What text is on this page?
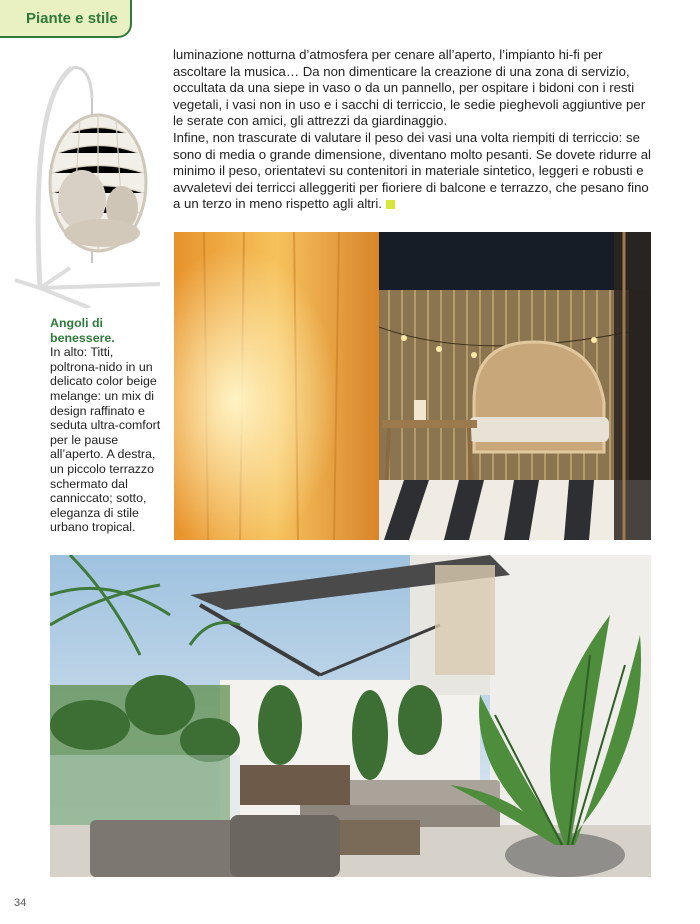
Piante e stile

luminazione notturna d’atmosfera per cenare all’aperto, l’impianto hi-fi per ascoltare la musica… Da non dimenticare la creazione di una zona di servizio, occultata da una siepe in vaso o da un pannello, per ospitare i bidoni con i resti vegetali, i vasi non in uso e i sacchi di terriccio, le sedie pieghevoli aggiuntive per le serate con amici, gli attrezzi da giardinaggio.

Infine, non trascurate di valutare il peso dei vasi una volta riempiti di terriccio: se sono di media o grande dimensione, diventano molto pesanti. Se dovete ridurre al minimo il peso, orientatevi su contenitori in materiale sintetico, leggeri e robusti e avvaletevi dei terricci alleggeriti per fioriere di balcone e terrazzo, che pesano fino a un terzo in meno rispetto agli altri.

Angoli di benessere.
In alto: Titti, poltrona-nido in un delicato color beige melange: un mix di design raffinato e seduta ultra-comfort per le pause all’aperto. A destra, un piccolo terrazzo schermato dal canniccato; sotto, eleganza di stile urbano tropical.
34
